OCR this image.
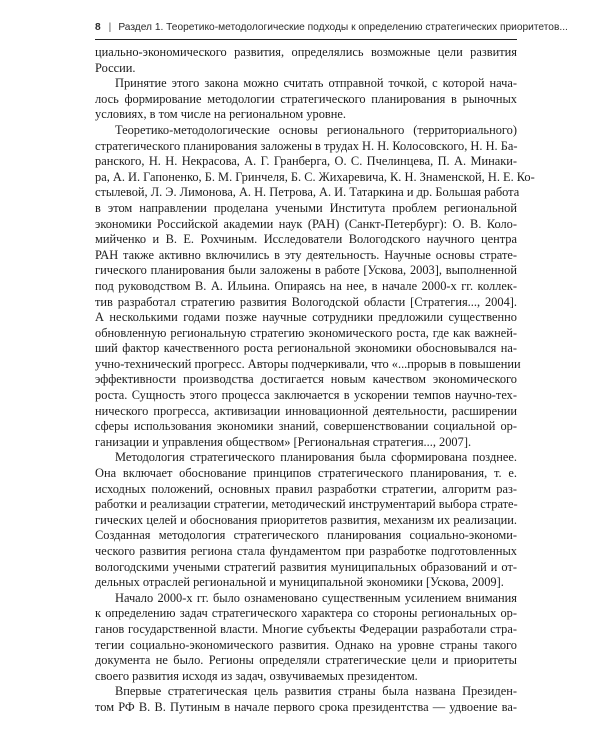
8 | Раздел 1. Теоретико-методологические подходы к определению стратегических приоритетов...
циально-экономического развития, определялись возможные цели развития
России.
Принятие этого закона можно считать отправной точкой, с которой нача-
лось формирование методологии стратегического планирования в рыночных
условиях, в том числе на региональном уровне.
Теоретико-методологические основы регионального (территориального)
стратегического планирования заложены в трудах Н. Н. Колосовского, Н. Н. Ба-
ранского, Н. Н. Некрасова, А. Г. Гранберга, О. С. Пчелинцева, П. А. Минаки-
ра, А. И. Гапоненко, Б. М. Гринчеля, Б. С. Жихаревича, К. Н. Знаменской, Н. Е. Ко-
стылевой, Л. Э. Лимонова, А. Н. Петрова, А. И. Татаркина и др. Большая работа
в этом направлении проделана учеными Института проблем региональной
экономики Российской академии наук (РАН) (Санкт-Петербург): О. В. Коло-
мийченко и В. Е. Рохчиным. Исследователи Вологодского научного центра
РАН также активно включились в эту деятельность. Научные основы страте-
гического планирования были заложены в работе [Ускова, 2003], выполненной
под руководством В. А. Ильина. Опираясь на нее, в начале 2000-х гг. коллек-
тив разработал стратегию развития Вологодской области [Стратегия..., 2004].
А несколькими годами позже научные сотрудники предложили существенно
обновленную региональную стратегию экономического роста, где как важней-
ший фактор качественного роста региональной экономики обосновывался на-
учно-технический прогресс. Авторы подчеркивали, что «...прорыв в повышении
эффективности производства достигается новым качеством экономического
роста. Сущность этого процесса заключается в ускорении темпов научно-тех-
нического прогресса, активизации инновационной деятельности, расширении
сферы использования экономики знаний, совершенствовании социальной ор-
ганизации и управления обществом» [Региональная стратегия..., 2007].
Методология стратегического планирования была сформирована позднее.
Она включает обоснование принципов стратегического планирования, т. е.
исходных положений, основных правил разработки стратегии, алгоритм раз-
работки и реализации стратегии, методический инструментарий выбора страте-
гических целей и обоснования приоритетов развития, механизм их реализации.
Созданная методология стратегического планирования социально-экономи-
ческого развития региона стала фундаментом при разработке подготовленных
вологодскими учеными стратегий развития муниципальных образований и от-
дельных отраслей региональной и муниципальной экономики [Ускова, 2009].
Начало 2000-х гг. было ознаменовано существенным усилением внимания
к определению задач стратегического характера со стороны региональных ор-
ганов государственной власти. Многие субъекты Федерации разработали стра-
тегии социально-экономического развития. Однако на уровне страны такого
документа не было. Регионы определяли стратегические цели и приоритеты
своего развития исходя из задач, озвучиваемых президентом.
Впервые стратегическая цель развития страны была названа Президен-
том РФ В. В. Путиным в начале первого срока президентства — удвоение ва-
